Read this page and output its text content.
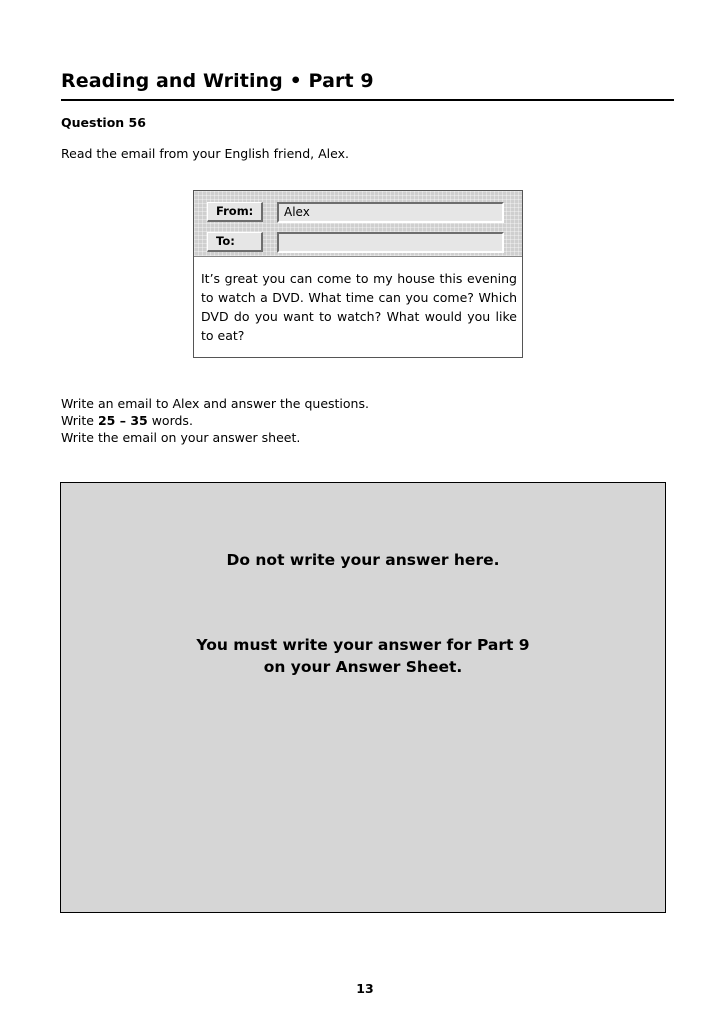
Reading and Writing • Part 9
Question 56
Read the email from your English friend, Alex.
From:	Alex
To:
It’s great you can come to my house this evening to watch a DVD. What time can you come? Which DVD do you want to watch? What would you like to eat?
Write an email to Alex and answer the questions.
Write 25 – 35 words.
Write the email on your answer sheet.
Do not write your answer here.
You must write your answer for Part 9
on your Answer Sheet.
13
